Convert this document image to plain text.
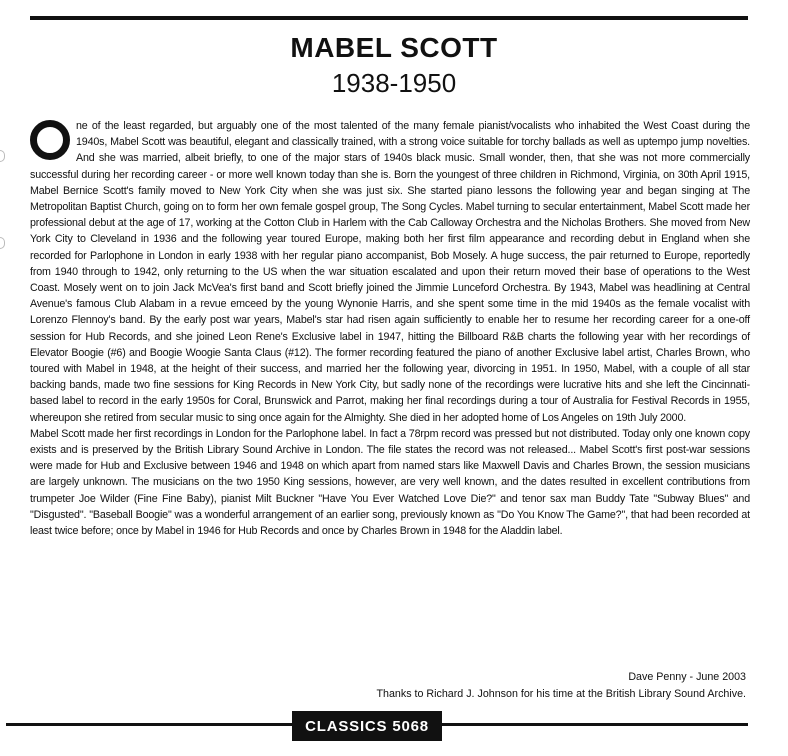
MABEL SCOTT
1938-1950

ne of the least regarded, but arguably one of the most talented of the many female pianist/vocalists who inhabited the West Coast during the 1940s, Mabel Scott was beautiful, elegant and classically trained, with a strong voice suitable for torchy ballads as well as uptempo jump novelties. And she was married, albeit briefly, to one of the major stars of 1940s black music. Small wonder, then, that she was not more commercially successful during her recording career - or more well known today than she is. Born the youngest of three children in Richmond, Virginia, on 30th April 1915, Mabel Bernice Scott's family moved to New York City when she was just six. She started piano lessons the following year and began singing at The Metropolitan Baptist Church, going on to form her own female gospel group, The Song Cycles. Mabel turning to secular entertainment, Mabel Scott made her professional debut at the age of 17, working at the Cotton Club in Harlem with the Cab Calloway Orchestra and the Nicholas Brothers. She moved from New York City to Cleveland in 1936 and the following year toured Europe, making both her first film appearance and recording debut in England when she recorded for Parlophone in London in early 1938 with her regular piano accompanist, Bob Mosely. A huge success, the pair returned to Europe, reportedly from 1940 through to 1942, only returning to the US when the war situation escalated and upon their return moved their base of operations to the West Coast. Mosely went on to join Jack McVea's first band and Scott briefly joined the Jimmie Lunceford Orchestra. By 1943, Mabel was headlining at Central Avenue's famous Club Alabam in a revue emceed by the young Wynonie Harris, and she spent some time in the mid 1940s as the female vocalist with Lorenzo Flennoy's band. By the early post war years, Mabel's star had risen again sufficiently to enable her to resume her recording career for a one-off session for Hub Records, and she joined Leon Rene's Exclusive label in 1947, hitting the Billboard R&B charts the following year with her recordings of Elevator Boogie (#6) and Boogie Woogie Santa Claus (#12). The former recording featured the piano of another Exclusive label artist, Charles Brown, who toured with Mabel in 1948, at the height of their success, and married her the following year, divorcing in 1951. In 1950, Mabel, with a couple of all star backing bands, made two fine sessions for King Records in New York City, but sadly none of the recordings were lucrative hits and she left the Cincinnati-based label to record in the early 1950s for Coral, Brunswick and Parrot, making her final recordings during a tour of Australia for Festival Records in 1955, whereupon she retired from secular music to sing once again for the Almighty. She died in her adopted home of Los Angeles on 19th July 2000.

Mabel Scott made her first recordings in London for the Parlophone label. In fact a 78rpm record was pressed but not distributed. Today only one known copy exists and is preserved by the British Library Sound Archive in London. The file states the record was not released... Mabel Scott's first post-war sessions were made for Hub and Exclusive between 1946 and 1948 on which apart from named stars like Maxwell Davis and Charles Brown, the session musicians are largely unknown. The musicians on the two 1950 King sessions, however, are very well known, and the dates resulted in excellent contributions from trumpeter Joe Wilder (Fine Fine Baby), pianist Milt Buckner "Have You Ever Watched Love Die?" and tenor sax man Buddy Tate "Subway Blues" and "Disgusted". "Baseball Boogie" was a wonderful arrangement of an earlier song, previously known as "Do You Know The Game?", that had been recorded at least twice before; once by Mabel in 1946 for Hub Records and once by Charles Brown in 1948 for the Aladdin label.

Dave Penny - June 2003
Thanks to Richard J. Johnson for his time at the British Library Sound Archive.
CLASSICS 5068
